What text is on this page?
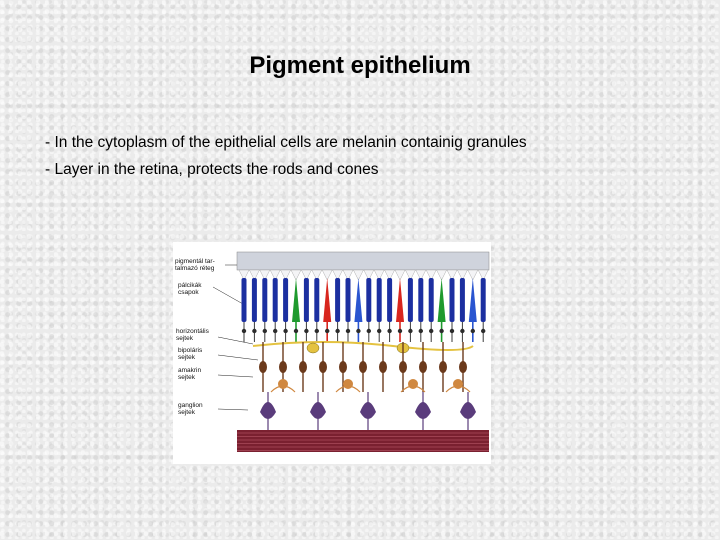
Pigment epithelium
- In the cytoplasm of the epithelial cells are melanin containig granules
- Layer in the retina, protects the rods and cones
pigmentál tar-
talmazó réteg
pálcikák
csapok
horizontális
sejtek
bipoláris
sejtek
amakrin
sejtek
ganglion
sejtek
